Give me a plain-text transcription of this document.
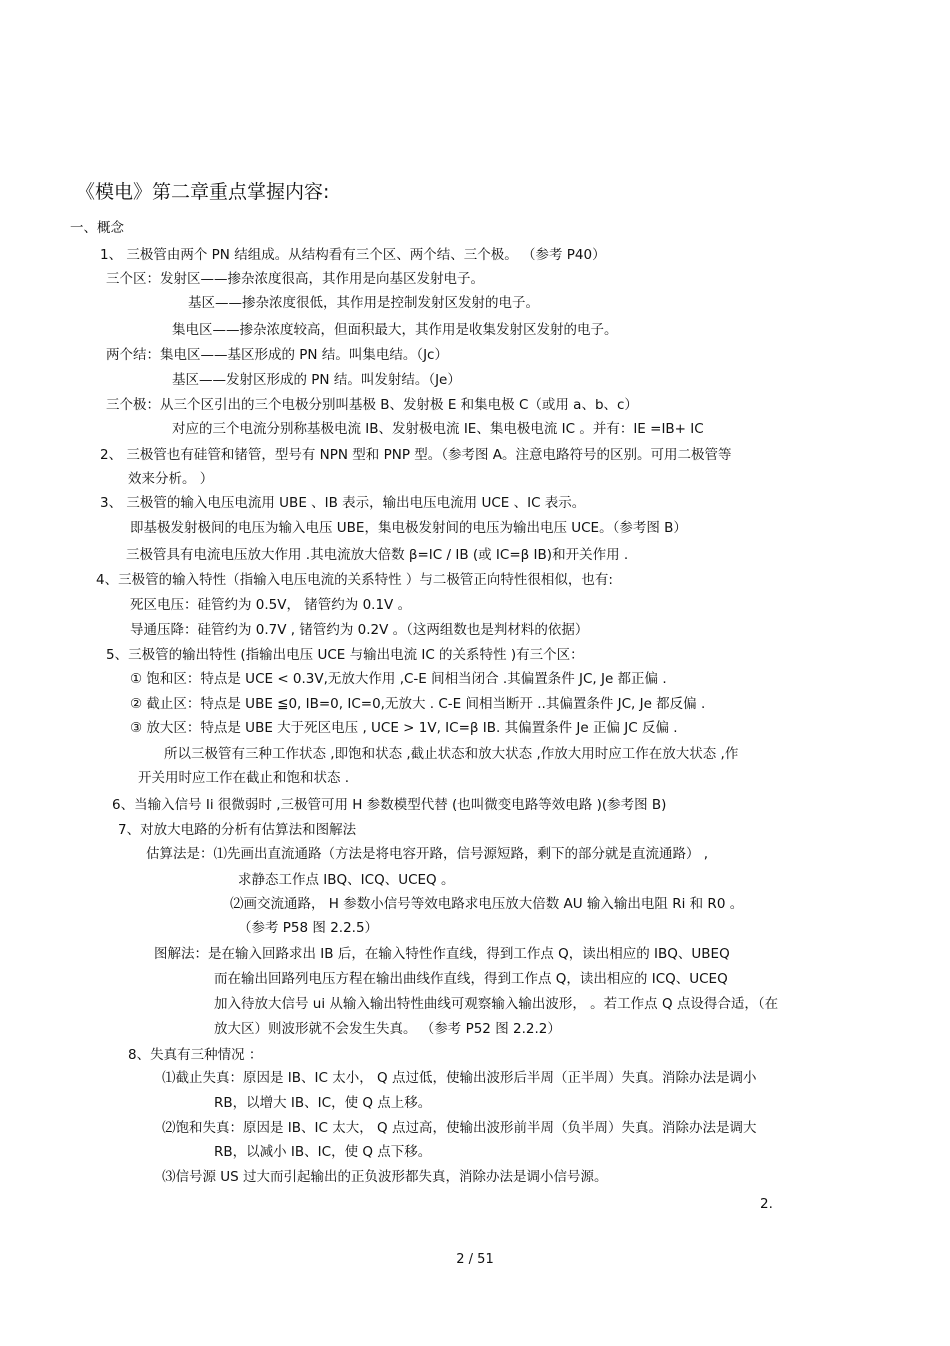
《模电》第二章重点掌握内容:
一、概念
1、 三极管由两个 PN 结组成。从结构看有三个区、两个结、三个极。 （参考 P40）
三个区：发射区——掺杂浓度很高，其作用是向基区发射电子。
基区——掺杂浓度很低，其作用是控制发射区发射的电子。
集电区——掺杂浓度较高，但面积最大，其作用是收集发射区发射的电子。
两个结：集电区——基区形成的 PN 结。叫集电结。（Jc）
基区——发射区形成的 PN 结。叫发射结。（Je）
三个极：从三个区引出的三个电极分别叫基极 B、发射极 E 和集电极 C（或用 a、b、c）
对应的三个电流分别称基极电流 IB、发射极电流 IE、集电极电流 IC 。并有：IE =IB+ IC
2、 三极管也有硅管和锗管，型号有 NPN 型和 PNP 型。（参考图 A。注意电路符号的区别。可用二极管等
效来分析。 ）
3、 三极管的输入电压电流用 UBE 、IB 表示，输出电压电流用 UCE 、IC 表示。
即基极发射极间的电压为输入电压 UBE，集电极发射间的电压为输出电压 UCE。（参考图 B）
三极管具有电流电压放大作用 .其电流放大倍数 β=IC / IB (或 IC=β IB)和开关作用 .
4、三极管的输入特性（指输入电压电流的关系特性 ）与二极管正向特性很相似，也有:
死区电压：硅管约为 0.5V， 锗管约为 0.1V 。
导通压降：硅管约为 0.7V , 锗管约为 0.2V 。（这两组数也是判材料的依据）
5、三极管的输出特性 (指输出电压 UCE 与输出电流 IC 的关系特性 )有三个区：
① 饱和区：特点是 UCE < 0.3V,无放大作用 ,C-E 间相当闭合 .其偏置条件 JC, Je 都正偏 .
② 截止区：特点是 UBE ≦0, IB=0, IC=0,无放大 . C-E 间相当断开 ..其偏置条件 JC, Je 都反偏 .
③ 放大区：特点是 UBE 大于死区电压 , UCE > 1V, IC=β IB. 其偏置条件 Je 正偏 JC 反偏 .
所以三极管有三种工作状态 ,即饱和状态 ,截止状态和放大状态 ,作放大用时应工作在放大状态 ,作
开关用时应工作在截止和饱和状态 .
6、当输入信号 Ii 很微弱时 ,三极管可用 H 参数模型代替 (也叫微变电路等效电路 )(参考图 B)
7、对放大电路的分析有估算法和图解法
估算法是：⑴先画出直流通路（方法是将电容开路，信号源短路，剩下的部分就是直流通路） ,
求静态工作点 IBQ、ICQ、UCEQ 。
⑵画交流通路， H 参数小信号等效电路求电压放大倍数 AU 输入输出电阻 Ri 和 R0 。
（参考 P58 图 2.2.5）
图解法：是在输入回路求出 IB 后，在输入特性作直线，得到工作点 Q，读出相应的 IBQ、UBEQ
而在输出回路列电压方程在输出曲线作直线，得到工作点 Q，读出相应的 ICQ、UCEQ
加入待放大信号 ui 从输入输出特性曲线可观察输入输出波形， 。若工作点 Q 点设得合适，（在
放大区）则波形就不会发生失真。 （参考 P52 图 2.2.2）
8、失真有三种情况 ：
⑴截止失真：原因是 IB、IC 太小， Q 点过低，使输出波形后半周（正半周）失真。消除办法是调小
RB，以增大 IB、IC，使 Q 点上移。
⑵饱和失真：原因是 IB、IC 太大， Q 点过高，使输出波形前半周（负半周）失真。消除办法是调大
RB，以减小 IB、IC，使 Q 点下移。
⑶信号源 US 过大而引起输出的正负波形都失真，消除办法是调小信号源。
2.
2 / 51
